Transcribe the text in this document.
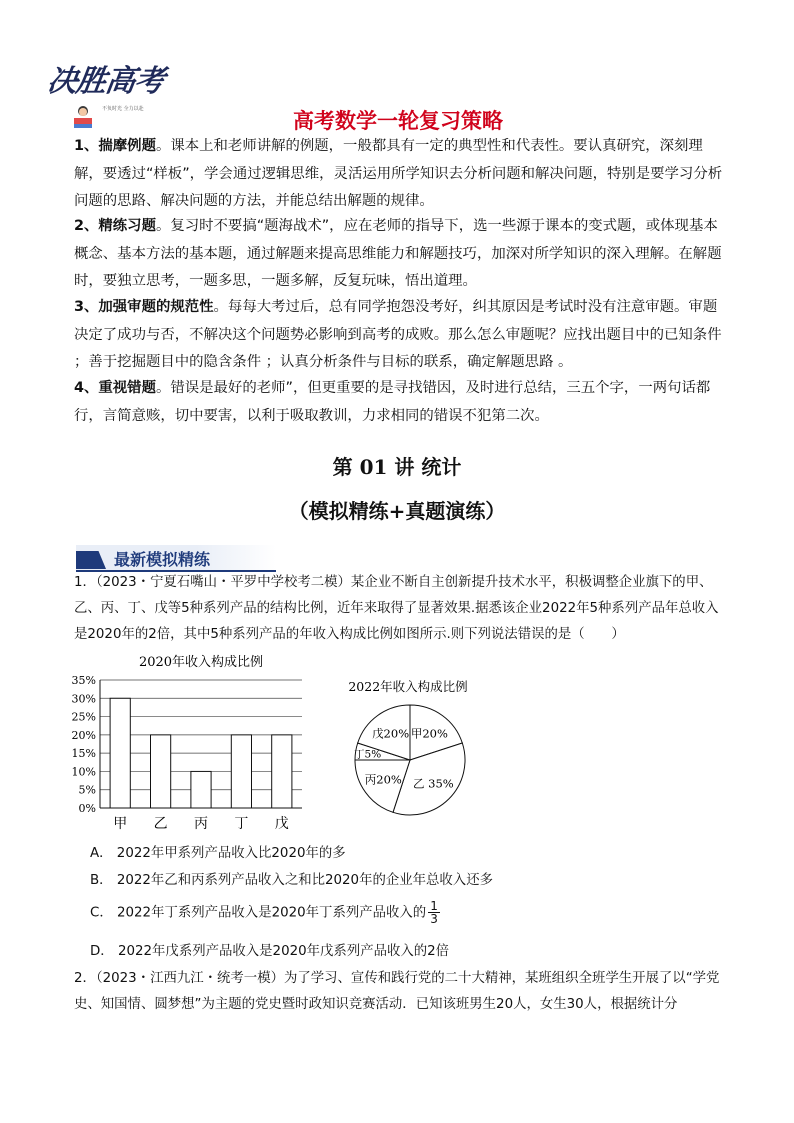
决胜高考
不负时光 全力以赴	高考数学一轮复习策略
1、揣摩例题。课本上和老师讲解的例题，一般都具有一定的典型性和代表性。要认真研究，深刻理解，要透过“样板”，学会通过逻辑思维，灵活运用所学知识去分析问题和解决问题，特别是要学习分析问题的思路、解决问题的方法，并能总结出解题的规律。
2、精练习题。复习时不要搞“题海战术”，应在老师的指导下，选一些源于课本的变式题，或体现基本概念、基本方法的基本题，通过解题来提高思维能力和解题技巧，加深对所学知识的深入理解。在解题时，要独立思考，一题多思，一题多解，反复玩味，悟出道理。
3、加强审题的规范性。每每大考过后，总有同学抱怨没考好，纠其原因是考试时没有注意审题。审题决定了成功与否，不解决这个问题势必影响到高考的成败。那么怎么审题呢？应找出题目中的已知条件 ；善于挖掘题目中的隐含条件 ；认真分析条件与目标的联系，确定解题思路 。
4、重视错题。错误是最好的老师”，但更重要的是寻找错因，及时进行总结，三五个字，一两句话都行，言简意赅，切中要害，以利于吸取教训，力求相同的错误不犯第二次。
第 01 讲 统计
（模拟精练+真题演练）
最新模拟精练
1．（2023・宁夏石嘴山・平罗中学校考二模）某企业不断自主创新提升技术水平，积极调整企业旗下的甲、乙、丙、丁、戊等5种系列产品的结构比例，近年来取得了显著效果.据悉该企业2022年5种系列产品年总收入是2020年的2倍，其中5种系列产品的年收入构成比例如图所示.则下列说法错误的是（　　）
2020年收入构成比例
0%
5%
10%
15%
20%
25%
30%
35%
甲 乙 丙 丁 戊
2022年收入构成比例
甲20%
乙 35%
丙20%
丁5%
戊20%
A． 2022年甲系列产品收入比2020年的多
B． 2022年乙和丙系列产品收入之和比2020年的企业年总收入还多
C． 2022年丁系列产品收入是2020年丁系列产品收入的 $\frac{1}{3}$
D． 2022年戊系列产品收入是2020年戊系列产品收入的2倍
2．（2023・江西九江・统考一模）为了学习、宣传和践行党的二十大精神，某班组织全班学生开展了以“学党史、知国情、圆梦想”为主题的党史暨时政知识竞赛活动．已知该班男生20人，女生30人，根据统计分
